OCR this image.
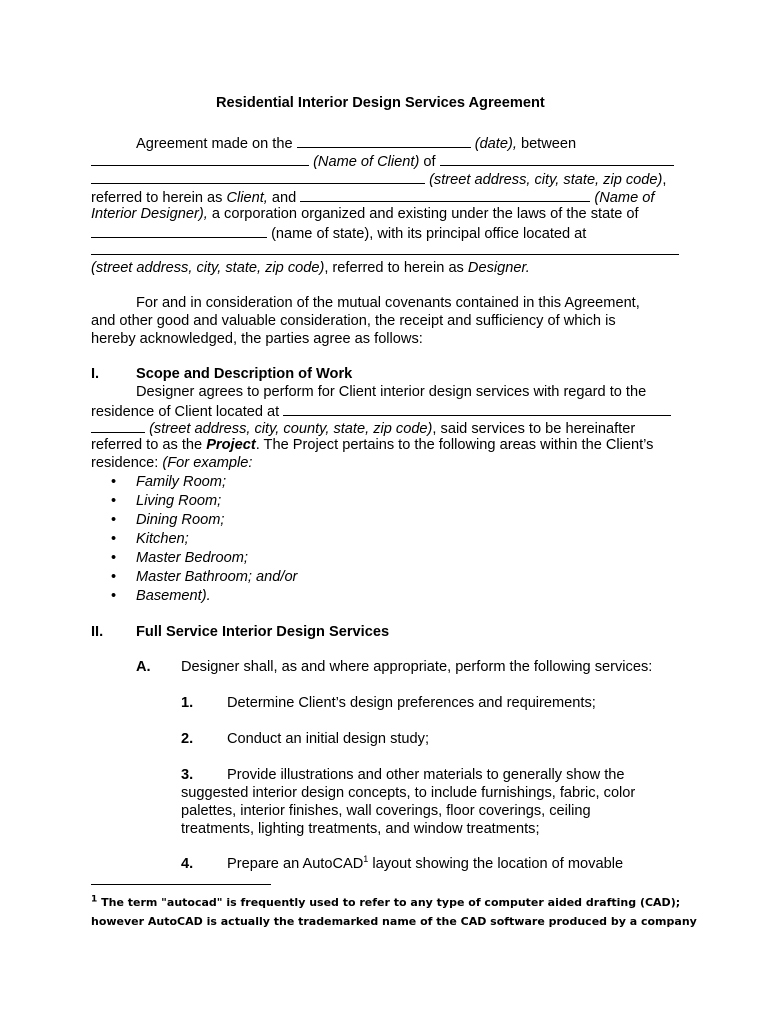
Residential Interior Design Services Agreement
Agreement made on the	(date), between
(Name of Client) of
(street address, city, state, zip code),
referred to herein as Client, and	(Name of
Interior Designer), a corporation organized and existing under the laws of the state of
(name of state), with its principal office located at
(street address, city, state, zip code), referred to herein as Designer.
For and in consideration of the mutual covenants contained in this Agreement,
and other good and valuable consideration, the receipt and sufficiency of which is
hereby acknowledged, the parties agree as follows:
I.	Scope and Description of Work
Designer agrees to perform for Client interior design services with regard to the
residence of Client located at
(street address, city, county, state, zip code), said services to be hereinafter
referred to as the Project. The Project pertains to the following areas within the Client’s
residence: (For example:
• Family Room;
• Living Room;
• Dining Room;
• Kitchen;
• Master Bedroom;
• Master Bathroom; and/or
• Basement).
II. Full Service Interior Design Services
A. Designer shall, as and where appropriate, perform the following services:
1. Determine Client’s design preferences and requirements;
2. Conduct an initial design study;
3. Provide illustrations and other materials to generally show the
suggested interior design concepts, to include furnishings, fabric, color
palettes, interior finishes, wall coverings, floor coverings, ceiling
treatments, lighting treatments, and window treatments;
4. Prepare an AutoCAD$^1$ layout showing the location of movable
$^1$ The term "autocad" is frequently used to refer to any type of computer aided drafting (CAD);
however AutoCAD is actually the trademarked name of the CAD software produced by a company
